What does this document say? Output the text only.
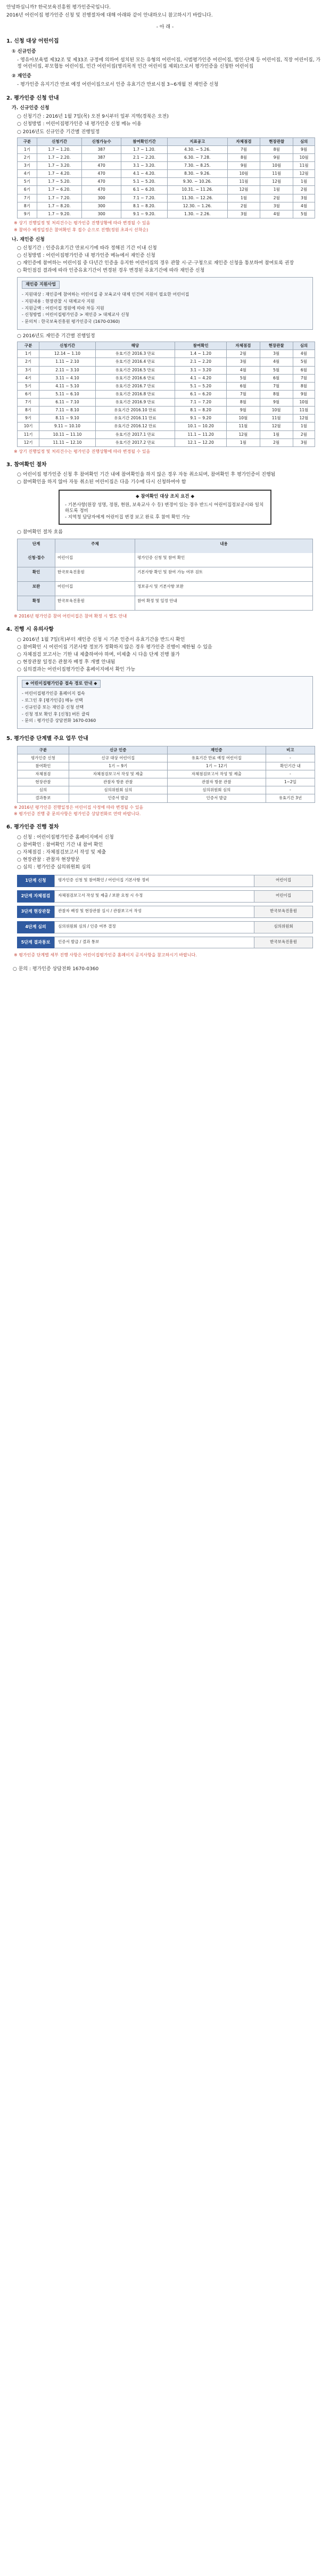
안녕하십니까? 한국보육진흥원 평가인증국입니다.

2016년 어린이집 평가인증 신청 및 진행절차에 대해 아래와 같이 안내하오니 참고하시기 바랍니다.

- 아 래 -
1. 신청 대상 어린이집
① 신규인증
- 영유아보육법 제32조 및 제33조 규정에 의하여 설치된 모든 유형의 어린이집, 시범평가인증 어린이집, 법인·단체 등 어린이집, 직장 어린이집, 가정 어린이집, 부모협동 어린이집, 민간 어린이집(영리목적 민간 어린이집 제외)으로서 평가인증을 신청한 어린이집
② 재인증
- 평가인증 유지기간 만료 예정 어린이집으로서 인증 유효기간 만료시점 3~6개월 전 재인증 신청
2. 평가인증 신청 안내
가. 신규인증 신청
○ 신청기간 : 2016년 1월 7일(목) 오전 9시부터 일부 지역(경북은 오전)
○ 신청방법 : 어린이집평가인증 내 평가인증 신청 메뉴 이용
○ 2016년도 신규인증 기간별 진행일정
구분	신청기간	신청가능수	참여확인기간	지표공고	자체점검	현장관찰	심의
1기	1.7 ~ 1.20.	387	1.7 ~ 1.20.	4.30. ~ 5.26.	7월	8월	9월
2기	1.7 ~ 2.20.	387	2.1 ~ 2.20.	6.30. ~ 7.28.	8월	9월	10월
3기	1.7 ~ 3.20.	470	3.1 ~ 3.20.	7.30. ~ 8.25.	9월	10월	11월
4기	1.7 ~ 4.20.	470	4.1 ~ 4.20.	8.30. ~ 9.26.	10월	11월	12월
5기	1.7 ~ 5.20.	470	5.1 ~ 5.20.	9.30. ~ 10.26.	11월	12월	1월
6기	1.7 ~ 6.20.	470	6.1 ~ 6.20.	10.31. ~ 11.26.	12월	1월	2월
7기	1.7 ~ 7.20.	300	7.1 ~ 7.20.	11.30. ~ 12.26.	1월	2월	3월
8기	1.7 ~ 8.20.	300	8.1 ~ 8.20.	12.30. ~ 1.26.	2월	3월	4월
9기	1.7 ~ 9.20.	300	9.1 ~ 9.20.	1.30. ~ 2.26.	3월	4월	5월
※ 상기 진행일정 및 처리건수는 평가인증 진행상황에 따라 변경될 수 있음
※ 참여수 배정일정은 참여확인 후 접수 순으로 진행(정원 초과시 선착순)
나. 재인증 신청
○ 신청기간 : 인증유효기간 만료시기에 따라 정해진 기간 이내 신청
○ 신청방법 : 어린이집평가인증 내 평가인증 메뉴에서 재인증 신청
○ 재인증에 참여하는 어린이집 중 다년간 인증을 유지한 어린이집의 경우 관할 시·군·구청으로 재인증 신청을 통보하여 참여토록 권장
○ 확인점검 결과에 따라 인증유효기간이 변경된 경우 변경된 유효기간에 따라 재인증 신청
재인증 지원사업
- 지원대상 : 재인증에 참여하는 어린이집 중 보육교사 대체 인건비 지원이 필요한 어린이집
- 지원내용 : 현장관찰 시 대체교사 지원
- 지원금액 : 어린이집 정원에 따라 차등 지원
- 신청방법 : 어린이집평가인증 > 재인증 > 대체교사 신청
- 문의처 : 한국보육진흥원 평가인증국 (1670-0360)
○ 2016년도 재인증 기간별 진행일정
구분	신청기간	해당	참여확인	자체점검	현장관찰	심의
1기	12.14 ~ 1.10	유효기간 2016.3 만료	1.4 ~ 1.20	2월	3월	4월
2기	1.11 ~ 2.10	유효기간 2016.4 만료	2.1 ~ 2.20	3월	4월	5월
3기	2.11 ~ 3.10	유효기간 2016.5 만료	3.1 ~ 3.20	4월	5월	6월
4기	3.11 ~ 4.10	유효기간 2016.6 만료	4.1 ~ 4.20	5월	6월	7월
5기	4.11 ~ 5.10	유효기간 2016.7 만료	5.1 ~ 5.20	6월	7월	8월
6기	5.11 ~ 6.10	유효기간 2016.8 만료	6.1 ~ 6.20	7월	8월	9월
7기	6.11 ~ 7.10	유효기간 2016.9 만료	7.1 ~ 7.20	8월	9월	10월
8기	7.11 ~ 8.10	유효기간 2016.10 만료	8.1 ~ 8.20	9월	10월	11월
9기	8.11 ~ 9.10	유효기간 2016.11 만료	9.1 ~ 9.20	10월	11월	12월
10기	9.11 ~ 10.10	유효기간 2016.12 만료	10.1 ~ 10.20	11월	12월	1월
11기	10.11 ~ 11.10	유효기간 2017.1 만료	11.1 ~ 11.20	12월	1월	2월
12기	11.11 ~ 12.10	유효기간 2017.2 만료	12.1 ~ 12.20	1월	2월	3월
※ 상기 진행일정 및 처리건수는 평가인증 진행상황에 따라 변경될 수 있음
3. 참여확인 절차
○ 어린이집 평가인증 신청 후 참여확인 기간 내에 참여확인을 하지 않은 경우 자동 취소되며, 참여확인 후 평가인증이 진행됨
○ 참여확인을 하지 않아 자동 취소된 어린이집은 다음 기수에 다시 신청하여야 함
◆ 참여확인 대상 조치 요건 ◆
- 기본사항(원장 성명, 정원, 현원, 보육교사 수 등) 변경이 있는 경우 반드시 어린이집정보공시와 일치하도록 정비
- 지역청 담당자에게 어린이집 변경 보고 완료 후 참여 확인 가능
○ 참여확인 절차 흐름
단계	주체	내용
신청·접수	어린이집	평가인증 신청 및 참여 확인
확인	한국보육진흥원	기본사항 확인 및 참여 가능 여부 검토
보완	어린이집	정보공시 및 기본사항 보완
확정	한국보육진흥원	참여 확정 및 일정 안내
※ 2016년 평가인증 참여 어린이집은 참여 확정 시 별도 안내
4. 진행 시 유의사항
○ 2016년 1월 7일(목)부터 재인증 신청 시 기존 인증서 유효기간을 반드시 확인
○ 참여확인 시 어린이집 기본사항 정보가 정확하지 않은 경우 평가인증 진행이 제한될 수 있음
○ 자체점검 보고서는 기한 내 제출하여야 하며, 미제출 시 다음 단계 진행 불가
○ 현장관찰 일정은 관찰자 배정 후 개별 안내됨
○ 심의결과는 어린이집평가인증 홈페이지에서 확인 가능
◆ 어린이집평가인증 접속 경로 안내 ◆
- 어린이집평가인증 홈페이지 접속
- 로그인 후 [평가인증] 메뉴 선택
- 신규인증 또는 재인증 신청 선택
- 신청 정보 확인 후 [신청] 버튼 클릭
- 문의 : 평가인증 상담전화 1670-0360
5. 평가인증 단계별 주요 업무 안내
구분	신규 인증	재인증	비고
평가인증 신청	신규 대상 어린이집	유효기간 만료 예정 어린이집	-
참여확인	1기 ~ 9기	1기 ~ 12기	확인기간 내
자체점검	자체점검보고서 작성 및 제출	자체점검보고서 작성 및 제출	-
현장관찰	관찰자 방문 관찰	관찰자 방문 관찰	1~2일
심의	심의위원회 심의	심의위원회 심의	-
결과통보	인증서 발급	인증서 발급	유효기간 3년
※ 2016년 평가인증 진행일정은 어린이집 사정에 따라 변경될 수 있음
※ 평가인증 진행 중 문의사항은 평가인증 상담전화로 연락 바랍니다.
6. 평가인증 진행 절차
○ 신청 : 어린이집평가인증 홈페이지에서 신청
○ 참여확인 : 참여확인 기간 내 참여 확인
○ 자체점검 : 자체점검보고서 작성 및 제출
○ 현장관찰 : 관찰자 현장방문
○ 심의 : 평가인증 심의위원회 심의
1단계 신청	평가인증 신청 및 참여확인 / 어린이집 기본사항 정비	어린이집
2단계 자체점검	자체점검보고서 작성 및 제출 / 보완 요청 시 수정	어린이집
3단계 현장관찰	관찰자 배정 및 현장관찰 실시 / 관찰보고서 작성	한국보육진흥원
4단계 심의	심의위원회 심의 / 인증 여부 결정	심의위원회
5단계 결과통보	인증서 발급 / 결과 통보	한국보육진흥원
※ 평가인증 단계별 세부 진행 사항은 어린이집평가인증 홈페이지 공지사항을 참고하시기 바랍니다.
○ 문의 : 평가인증 상담전화 1670-0360
